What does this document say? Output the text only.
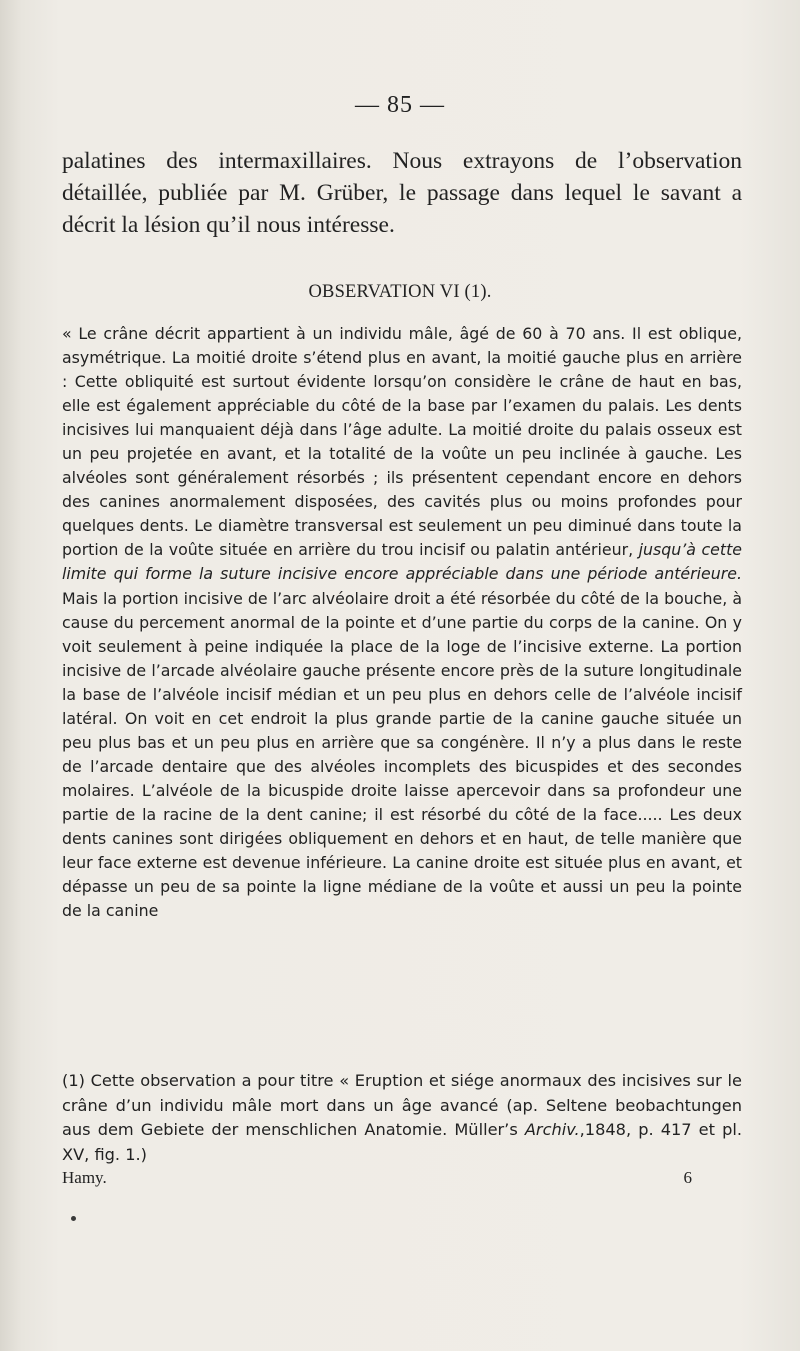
— 85 —

palatines des intermaxillaires. Nous extrayons de l’observation détaillée, publiée par M. Grüber, le passage dans lequel le savant a décrit la lésion qu’il nous intéresse.

OBSERVATION VI (1).

« Le crâne décrit appartient à un individu mâle, âgé de 60 à 70 ans. Il est oblique, asymétrique. La moitié droite s’étend plus en avant, la moitié gauche plus en arrière : Cette obliquité est surtout évidente lorsqu’on considère le crâne de haut en bas, elle est également appréciable du côté de la base par l’examen du palais. Les dents incisives lui manquaient déjà dans l’âge adulte. La moitié droite du palais osseux est un peu projetée en avant, et la totalité de la voûte un peu inclinée à gauche. Les alvéoles sont généralement résorbés ; ils présentent cependant encore en dehors des canines anormalement disposées, des cavités plus ou moins profondes pour quelques dents. Le diamètre transversal est seulement un peu diminué dans toute la portion de la voûte située en arrière du trou incisif ou palatin antérieur, jusqu’à cette limite qui forme la suture incisive encore appréciable dans une période antérieure. Mais la portion incisive de l’arc alvéolaire droit a été résorbée du côté de la bouche, à cause du percement anormal de la pointe et d’une partie du corps de la canine. On y voit seulement à peine indiquée la place de la loge de l’incisive externe. La portion incisive de l’arcade alvéolaire gauche présente encore près de la suture longitudinale la base de l’alvéole incisif médian et un peu plus en dehors celle de l’alvéole incisif latéral. On voit en cet endroit la plus grande partie de la canine gauche située un peu plus bas et un peu plus en arrière que sa congénère. Il n’y a plus dans le reste de l’arcade dentaire que des alvéoles incomplets des bicuspides et des secondes molaires. L’alvéole de la bicuspide droite laisse apercevoir dans sa profondeur une partie de la racine de la dent canine; il est résorbé du côté de la face..... Les deux dents canines sont dirigées obliquement en dehors et en haut, de telle manière que leur face externe est devenue inférieure. La canine droite est située plus en avant, et dépasse un peu de sa pointe la ligne médiane de la voûte et aussi un peu la pointe de la canine

(1) Cette observation a pour titre « Eruption et siége anormaux des incisives sur le crâne d’un individu mâle mort dans un âge avancé (ap. Seltene beobachtungen aus dem Gebiete der menschlichen Anatomie. Müller’s Archiv.,1848, p. 417 et pl. XV, fig. 1.)

Hamy.	6
